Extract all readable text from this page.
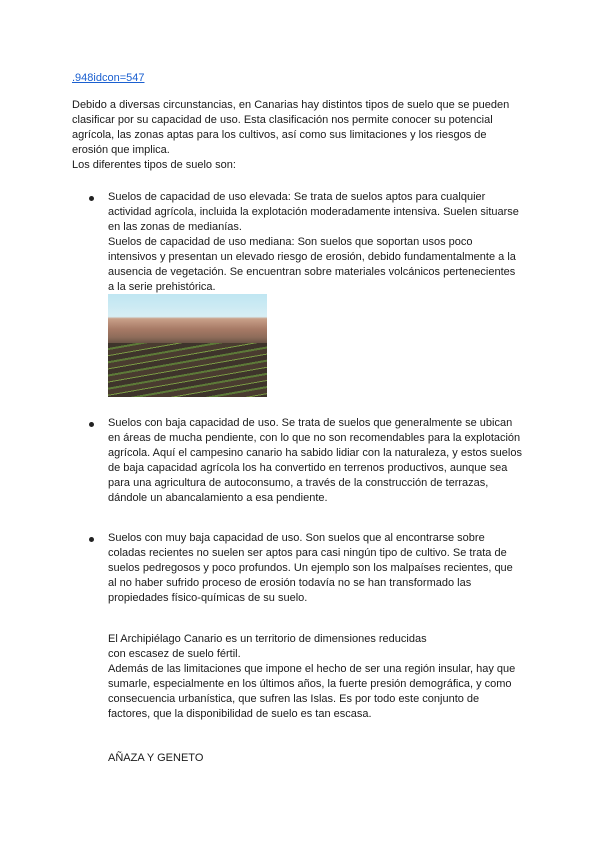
.948idcon=547
Debido a diversas circunstancias, en Canarias hay distintos tipos de suelo que se pueden
clasificar por su capacidad de uso. Esta clasificación nos permite conocer su potencial
agrícola, las zonas aptas para los cultivos, así como sus limitaciones y los riesgos de
erosión que implica.
Los diferentes tipos de suelo son:
Suelos de capacidad de uso elevada: Se trata de suelos aptos para cualquier
actividad agrícola, incluida la explotación moderadamente intensiva. Suelen situarse
en las zonas de medianías.
Suelos de capacidad de uso mediana: Son suelos que soportan usos poco
intensivos y presentan un elevado riesgo de erosión, debido fundamentalmente a la
ausencia de vegetación. Se encuentran sobre materiales volcánicos pertenecientes
a la serie prehistórica.
Suelos con baja capacidad de uso. Se trata de suelos que generalmente se ubican
en áreas de mucha pendiente, con lo que no son recomendables para la explotación
agrícola. Aquí el campesino canario ha sabido lidiar con la naturaleza, y estos suelos
de baja capacidad agrícola los ha convertido en terrenos productivos, aunque sea
para una agricultura de autoconsumo, a través de la construcción de terrazas,
dándole un abancalamiento a esa pendiente.
Suelos con muy baja capacidad de uso. Son suelos que al encontrarse sobre
coladas recientes no suelen ser aptos para casi ningún tipo de cultivo. Se trata de
suelos pedregosos y poco profundos. Un ejemplo son los malpaíses recientes, que
al no haber sufrido proceso de erosión todavía no se han transformado las
propiedades físico-químicas de su suelo.
El Archipiélago Canario es un territorio de dimensiones reducidas
con escasez de suelo fértil.
Además de las limitaciones que impone el hecho de ser una región insular, hay que
sumarle, especialmente en los últimos años, la fuerte presión demográfica, y como
consecuencia urbanística, que sufren las Islas. Es por todo este conjunto de
factores, que la disponibilidad de suelo es tan escasa.
AÑAZA Y GENETO
